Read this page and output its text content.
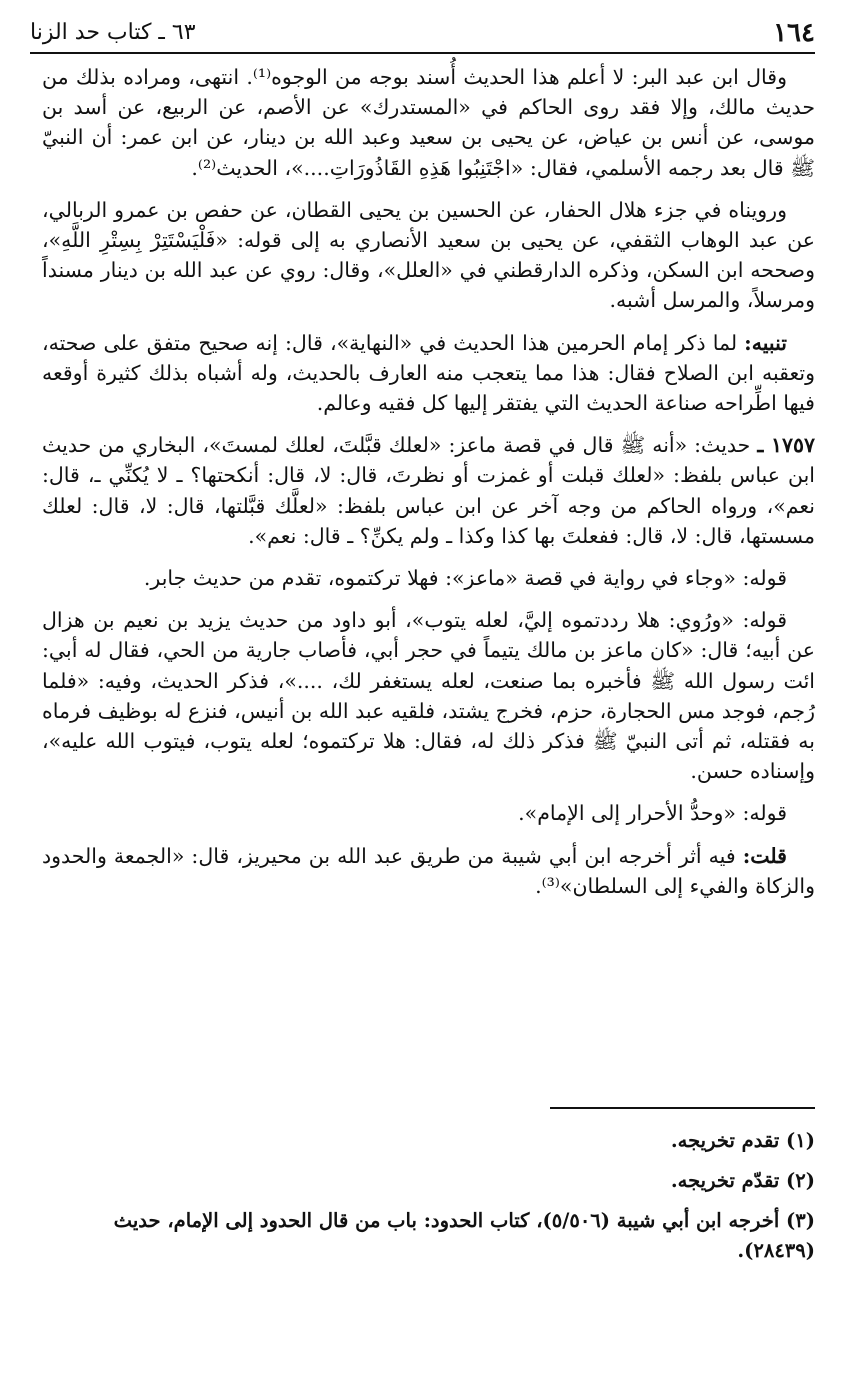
١٦٤
٦٣ ـ كتاب حد الزنا

وقال ابن عبد البر: لا أعلم هذا الحديث أُسند بوجه من الوجوه⁽¹⁾. انتهى، ومراده بذلك من حديث مالك، وإلا فقد روى الحاكم في «المستدرك» عن الأصم، عن الربيع، عن أسد بن موسى، عن أنس بن عياض، عن يحيى بن سعيد وعبد الله بن دينار، عن ابن عمر: أن النبيّ ﷺ قال بعد رجمه الأسلمي، فقال: «اجْتَنِبُوا هَذِهِ القَاذُورَاتِ....»، الحديث⁽²⁾.

ورويناه في جزء هلال الحفار، عن الحسين بن يحيى القطان، عن حفص بن عمرو الربالي، عن عبد الوهاب الثقفي، عن يحيى بن سعيد الأنصاري به إلى قوله: «فَلْيَسْتَتِرْ بِسِتْرِ اللَّهِ»، وصححه ابن السكن، وذكره الدارقطني في «العلل»، وقال: روي عن عبد الله بن دينار مسنداً ومرسلاً، والمرسل أشبه.

تنبيه: لما ذكر إمام الحرمين هذا الحديث في «النهاية»، قال: إنه صحيح متفق على صحته، وتعقبه ابن الصلاح فقال: هذا مما يتعجب منه العارف بالحديث، وله أشباه بذلك كثيرة أوقعه فيها اطِّراحه صناعة الحديث التي يفتقر إليها كل فقيه وعالم.

١٧٥٧ ـ حديث: «أنه ﷺ قال في قصة ماعز: «لعلك قبَّلتَ، لعلك لمستَ»، البخاري من حديث ابن عباس بلفظ: «لعلك قبلت أو غمزت أو نظرتَ، قال: لا، قال: أنكحتها؟ ـ لا يُكنِّي ـ، قال: نعم»، ورواه الحاكم من وجه آخر عن ابن عباس بلفظ: «لعلَّك قبَّلتها، قال: لا، قال: لعلك مسستها، قال: لا، قال: ففعلتَ بها كذا وكذا ـ ولم يكنِّ؟ ـ قال: نعم».

قوله: «وجاء في رواية في قصة «ماعز»: فهلا تركتموه، تقدم من حديث جابر.

قوله: «ورُوي: هلا رددتموه إليَّ، لعله يتوب»، أبو داود من حديث يزيد بن نعيم بن هزال عن أبيه؛ قال: «كان ماعز بن مالك يتيماً في حجر أبي، فأصاب جارية من الحي، فقال له أبي: ائت رسول الله ﷺ فأخبره بما صنعت، لعله يستغفر لك، ....»، فذكر الحديث، وفيه: «فلما رُجم، فوجد مس الحجارة، حزم، فخرج يشتد، فلقيه عبد الله بن أنيس، فنزع له بوظيف فرماه به فقتله، ثم أتى النبيّ ﷺ فذكر ذلك له، فقال: هلا تركتموه؛ لعله يتوب، فيتوب الله عليه»، وإسناده حسن.

قوله: «وحدُّ الأحرار إلى الإمام».

قلت: فيه أثر أخرجه ابن أبي شيبة من طريق عبد الله بن محيريز، قال: «الجمعة والحدود والزكاة والفيء إلى السلطان»⁽³⁾.

(١) تقدم تخريجه.

(٢) تقدّم تخريجه.

(٣) أخرجه ابن أبي شيبة (٥/٥٠٦)، كتاب الحدود: باب من قال الحدود إلى الإمام، حديث (٢٨٤٣٩).
